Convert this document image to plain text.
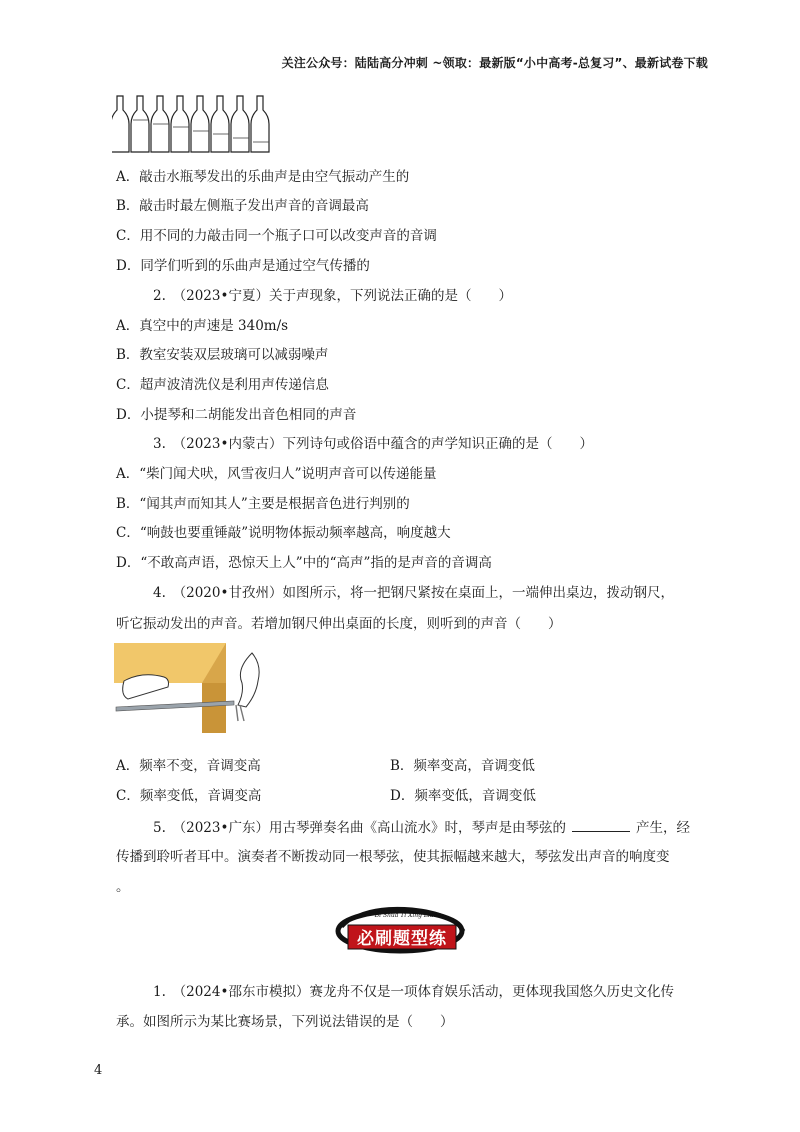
关注公众号：陆陆高分冲刺 ~领取：最新版“小中高考-总复习”、最新试卷下载
A．敲击水瓶琴发出的乐曲声是由空气振动产生的
B．敲击时最左侧瓶子发出声音的音调最高
C．用不同的力敲击同一个瓶子口可以改变声音的音调
D．同学们听到的乐曲声是通过空气传播的
2.　（2023•宁夏）关于声现象，下列说法正确的是（　　）
A．真空中的声速是 340m/s
B．教室安装双层玻璃可以减弱噪声
C．超声波清洗仪是利用声传递信息
D．小提琴和二胡能发出音色相同的声音
3.　（2023•内蒙古）下列诗句或俗语中蕴含的声学知识正确的是（　　）
A．“柴门闻犬吠，风雪夜归人”说明声音可以传递能量
B．“闻其声而知其人”主要是根据音色进行判别的
C．“响鼓也要重锤敲”说明物体振动频率越高，响度越大
D．“不敢高声语，恐惊天上人”中的“高声”指的是声音的音调高
4.　（2020•甘孜州）如图所示，将一把钢尺紧按在桌面上，一端伸出桌边，拨动钢尺，
听它振动发出的声音。若增加钢尺伸出桌面的长度，则听到的声音（　　）
A．频率不变，音调变高	B．频率变高，音调变低
C．频率变低，音调变高	D．频率变低，音调变低
5.　（2023•广东）用古琴弹奏名曲《高山流水》时，琴声是由琴弦的	产生，经
传播到聆听者耳中。演奏者不断拨动同一根琴弦，使其振幅越来越大，琴弦发出声音的响度变
。
Bi Shua Ti Xing Lian
必刷题型练
1.　（2024•邵东市模拟）赛龙舟不仅是一项体育娱乐活动，更体现我国悠久历史文化传
承。如图所示为某比赛场景，下列说法错误的是（　　）
4
